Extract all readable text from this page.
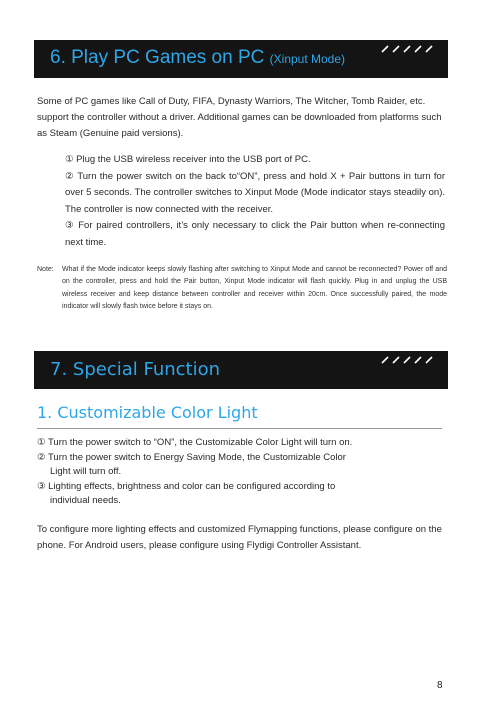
6. Play PC Games on PC (Xinput Mode)
Some of PC games like Call of Duty, FIFA, Dynasty Warriors, The Witcher, Tomb Raider, etc. support the controller without a driver. Additional games can be downloaded from platforms such as Steam (Genuine paid versions).
① Plug the USB wireless receiver into the USB port of PC.
② Turn the power switch on the back to“ON”, press and hold X + Pair buttons in turn for over 5 seconds. The controller switches to Xinput Mode (Mode indicator stays steadily on). The controller is now connected with the receiver.
③ For paired controllers, it’s only necessary to click the Pair button when re-connecting next time.
Note: What if the Mode indicator keeps slowly flashing after switching to Xinput Mode and cannot be reconnected? Power off and on the controller, press and hold the Pair button, Xinput Mode indicator will flash quickly. Plug in and unplug the USB wireless receiver and keep distance between controller and receiver within 20cm. Once successfully paired, the mode indicator will slowly flash twice before it stays on.
7. Special Function
1. Customizable Color Light
① Turn the power switch to “ON”, the Customizable Color Light will turn on.
② Turn the power switch to Energy Saving Mode, the Customizable Color
Light will turn off.
③ Lighting effects, brightness and color can be configured according to
individual needs.
To configure more lighting effects and customized Flymapping functions, please configure on the phone. For Android users, please configure using Flydigi Controller Assistant.
8
